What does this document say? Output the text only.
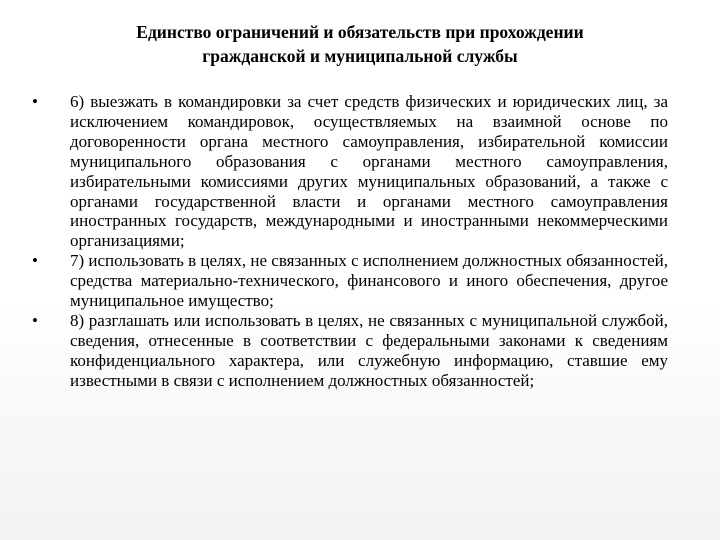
Единство ограничений и обязательств при прохождении
гражданской и муниципальной службы
• 6) выезжать в командировки за счет средств физических и юридических лиц, за исключением командировок, осуществляемых на взаимной основе по договоренности органа местного самоуправления, избирательной комиссии муниципального образования с органами местного самоуправления, избирательными комиссиями других муниципальных образований, а также с органами государственной власти и органами местного самоуправления иностранных государств, международными и иностранными некоммерческими организациями;
• 7) использовать в целях, не связанных с исполнением должностных обязанностей, средства материально-технического, финансового и иного обеспечения, другое муниципальное имущество;
• 8) разглашать или использовать в целях, не связанных с муниципальной службой, сведения, отнесенные в соответствии с федеральными законами к сведениям конфиденциального характера, или служебную информацию, ставшие ему известными в связи с исполнением должностных обязанностей;
